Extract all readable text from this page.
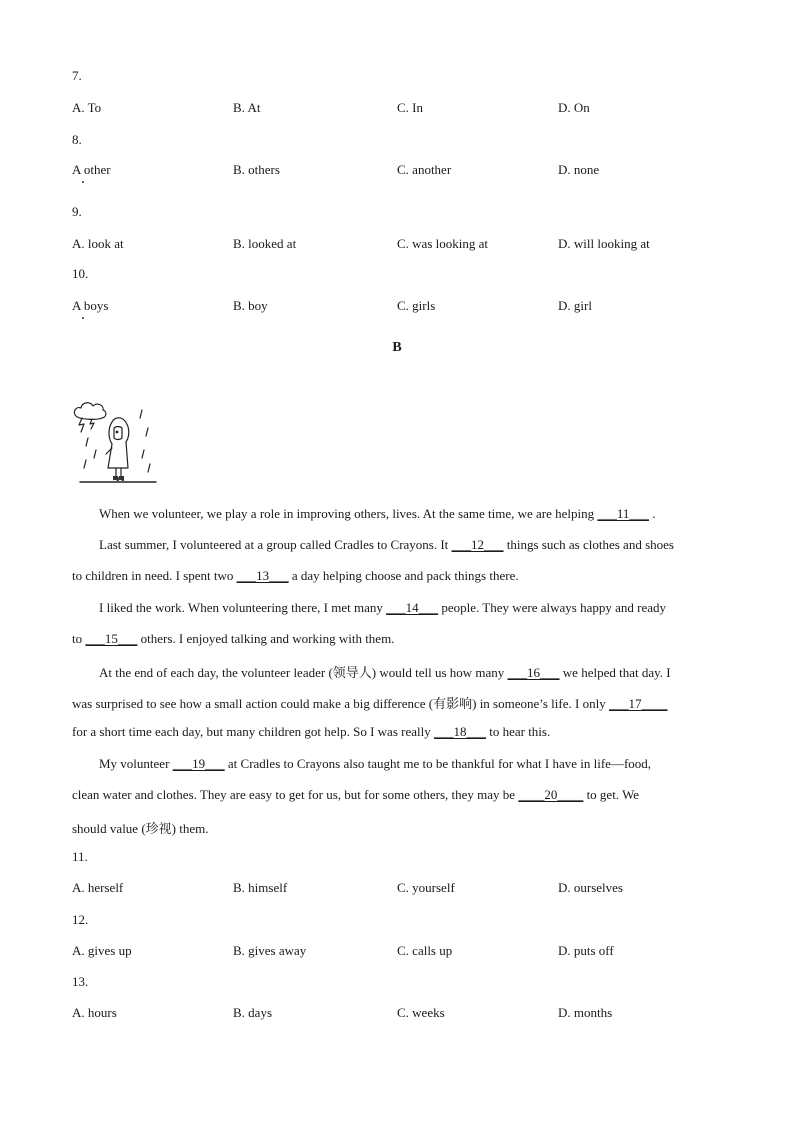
7.
A. To	B. At	C. In	D. On
8.
A other	B. others	C. another	D. none
9.
A. look at	B. looked at	C. was looking at	D. will looking at
10.
A boys	B. boy	C. girls	D. girl
B
When we volunteer, we play a role in improving others, lives. At the same time, we are helping ___11___ .
Last summer, I volunteered at a group called Cradles to Crayons. It ___12___ things such as clothes and shoes
to children in need. I spent two ___13___ a day helping choose and pack things there.
I liked the work. When volunteering there, I met many ___14___ people. They were always happy and ready
to ___15___ others. I enjoyed talking and working with them.
At the end of each day, the volunteer leader (领导人) would tell us how many ___16___ we helped that day. I
was surprised to see how a small action could make a big difference (有影响) in someone’s life. I only ___17____
for a short time each day, but many children got help. So I was really ___18___ to hear this.
My volunteer ___19___ at Cradles to Crayons also taught me to be thankful for what I have in life—food,
clean water and clothes. They are easy to get for us, but for some others, they may be ____20____ to get. We
should value (珍视) them.
11.
A. herself	B. himself	C. yourself	D. ourselves
12.
A. gives up	B. gives away	C. calls up	D. puts off
13.
A. hours	B. days	C. weeks	D. months
